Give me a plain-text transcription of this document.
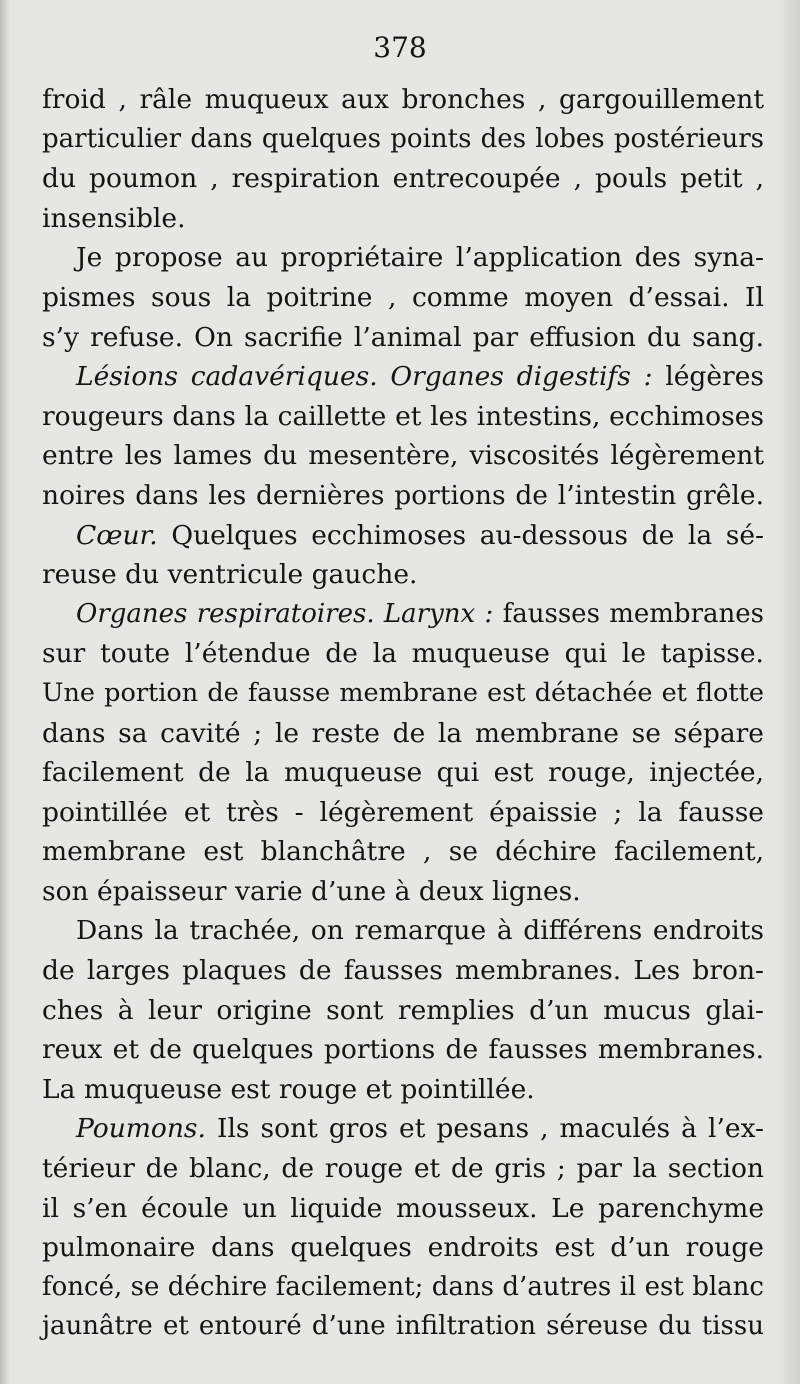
378
froid , râle muqueux aux bronches , gargouillement
particulier dans quelques points des lobes postérieurs
du poumon , respiration entrecoupée , pouls petit ,
insensible.
Je propose au propriétaire l’application des syna-
pismes sous la poitrine , comme moyen d’essai. Il
s’y refuse. On sacrifie l’animal par effusion du sang.
Lésions cadavériques. Organes digestifs : légères
rougeurs dans la caillette et les intestins, ecchimoses
entre les lames du mesentère, viscosités légèrement
noires dans les dernières portions de l’intestin grêle.
Cœur. Quelques ecchimoses au-dessous de la sé-
reuse du ventricule gauche.
Organes respiratoires. Larynx : fausses membranes
sur toute l’étendue de la muqueuse qui le tapisse.
Une portion de fausse membrane est détachée et flotte
dans sa cavité ; le reste de la membrane se sépare
facilement de la muqueuse qui est rouge, injectée,
pointillée et très - légèrement épaissie ; la fausse
membrane est blanchâtre , se déchire facilement,
son épaisseur varie d’une à deux lignes.
Dans la trachée, on remarque à différens endroits
de larges plaques de fausses membranes. Les bron-
ches à leur origine sont remplies d’un mucus glai-
reux et de quelques portions de fausses membranes.
La muqueuse est rouge et pointillée.
Poumons. Ils sont gros et pesans , maculés à l’ex-
térieur de blanc, de rouge et de gris ; par la section
il s’en écoule un liquide mousseux. Le parenchyme
pulmonaire dans quelques endroits est d’un rouge
foncé, se déchire facilement; dans d’autres il est blanc
jaunâtre et entouré d’une infiltration séreuse du tissu
